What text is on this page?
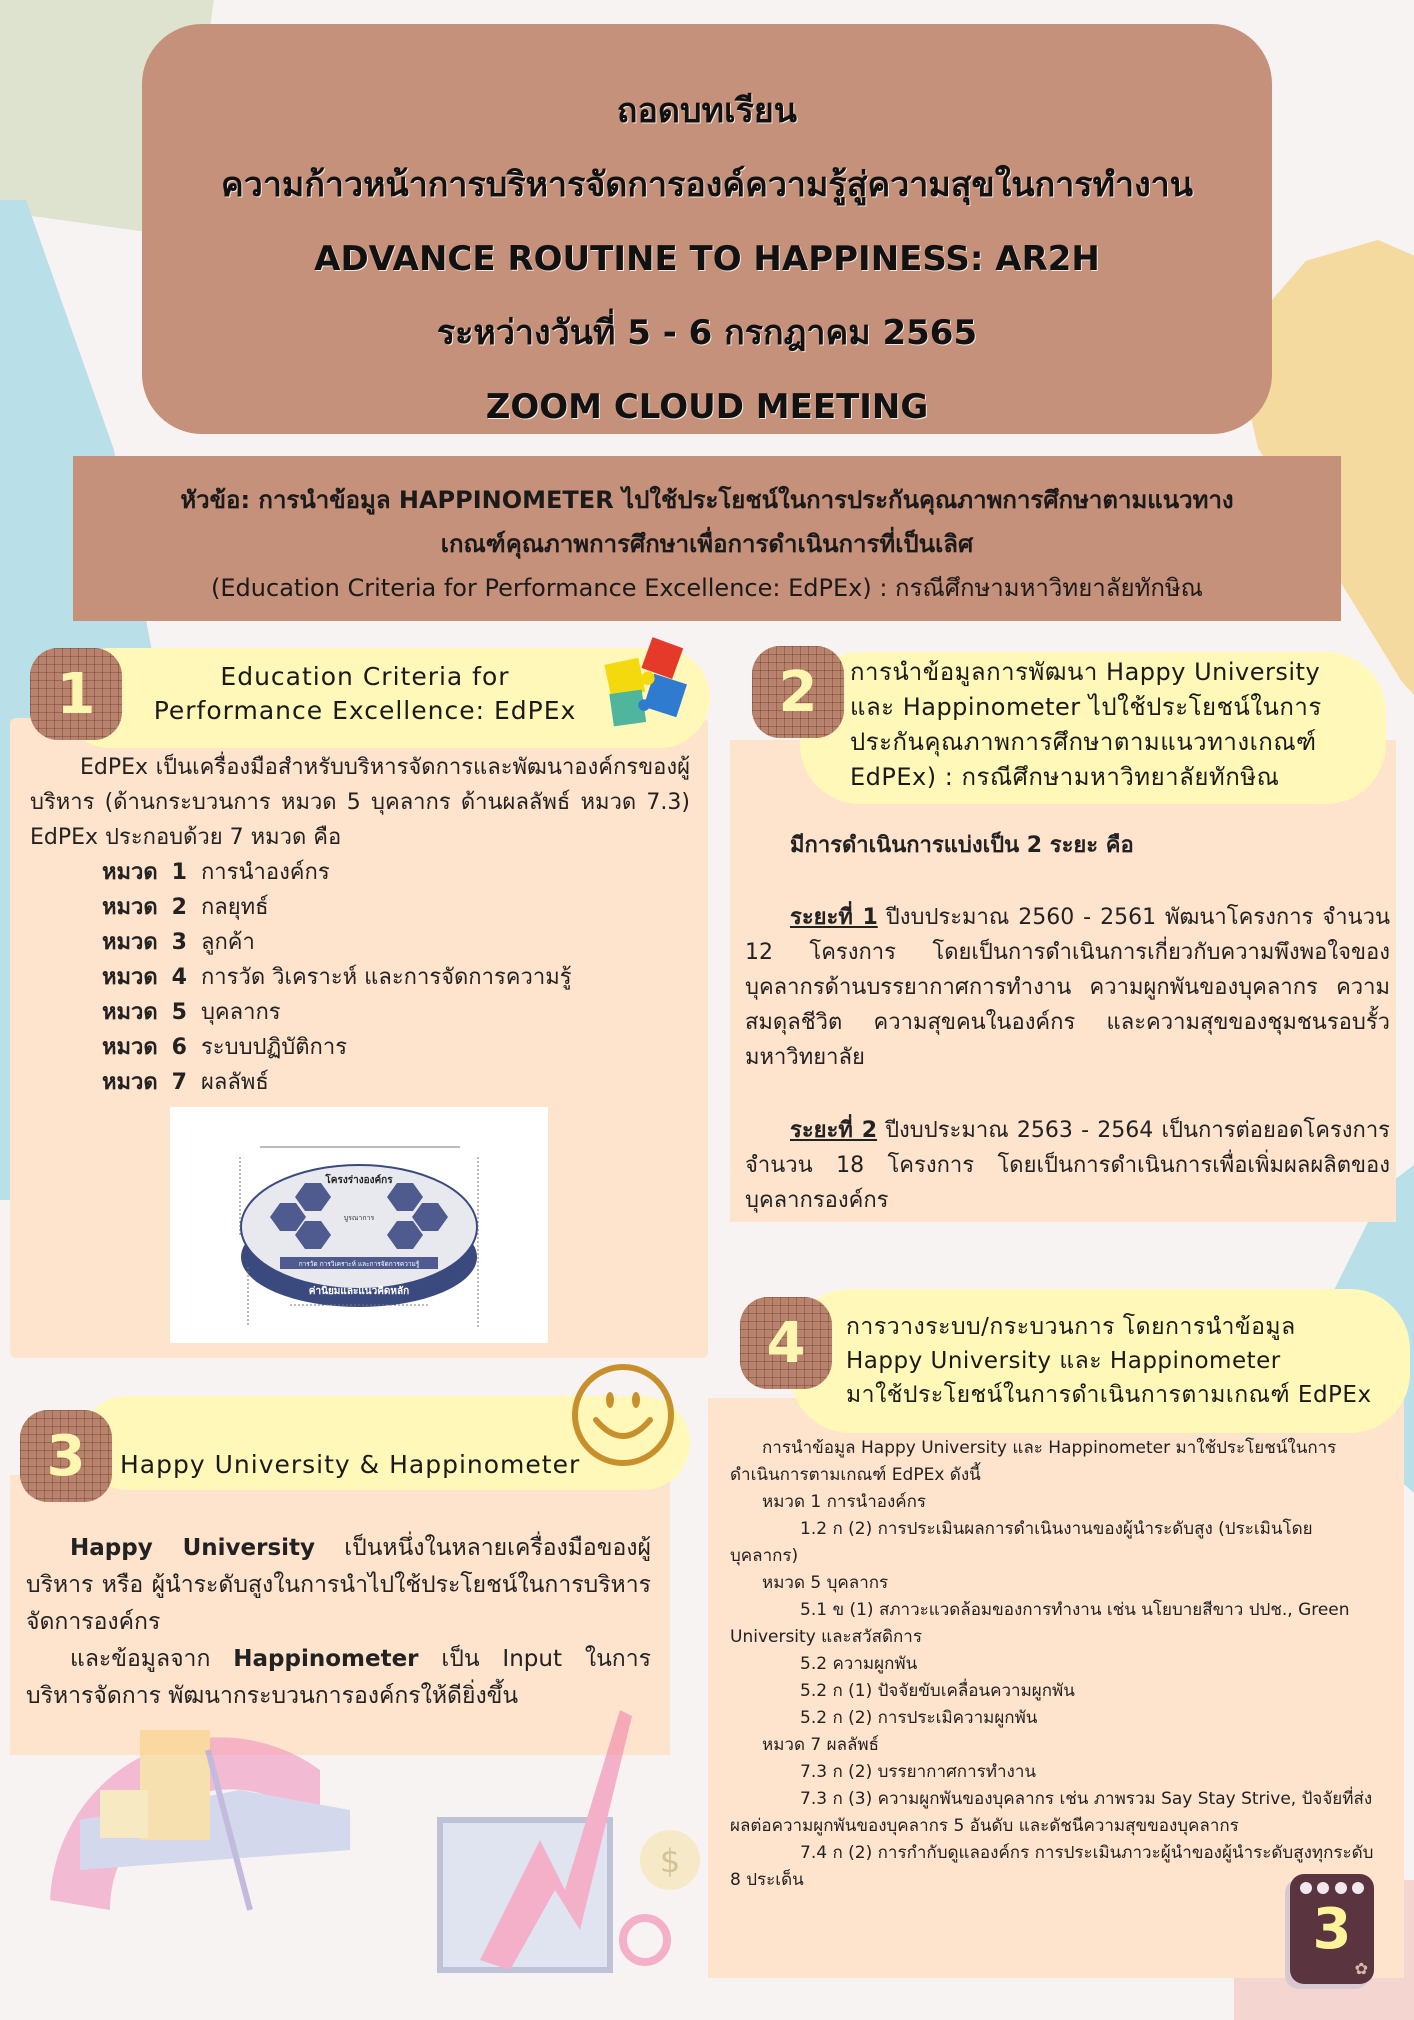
ถอดบทเรียน
ความก้าวหน้าการบริหารจัดการองค์ความรู้สู่ความสุขในการทำงาน
ADVANCE ROUTINE TO HAPPINESS: AR2H
ระหว่างวันที่ 5 - 6 กรกฎาคม 2565
ZOOM CLOUD MEETING
หัวข้อ: การนำข้อมูล HAPPINOMETER ไปใช้ประโยชน์ในการประกันคุณภาพการศึกษาตามแนวทาง
เกณฑ์คุณภาพการศึกษาเพื่อการดำเนินการที่เป็นเลิศ
(Education Criteria for Performance Excellence: EdPEx) : กรณีศึกษามหาวิทยาลัยทักษิณ
1	Education Criteria for
Performance Excellence: EdPEx
EdPEx เป็นเครื่องมือสำหรับบริหารจัดการและพัฒนาองค์กรของผู้บริหาร (ด้านกระบวนการ หมวด 5 บุคลากร ด้านผลลัพธ์ หมวด 7.3) EdPEx ประกอบด้วย 7 หมวด คือ
หมวด 1 การนำองค์กร
หมวด 2 กลยุทธ์
หมวด 3 ลูกค้า
หมวด 4 การวัด วิเคราะห์ และการจัดการความรู้
หมวด 5 บุคลากร
หมวด 6 ระบบปฏิบัติการ
หมวด 7 ผลลัพธ์
โครงร่างองค์กร
บูรณาการ
การวัด การวิเคราะห์ และการจัดการความรู้
ค่านิยมและแนวคิดหลัก
2	การนำข้อมูลการพัฒนา Happy University
และ Happinometer ไปใช้ประโยชน์ในการ
ประกันคุณภาพการศึกษาตามแนวทางเกณฑ์
EdPEx) : กรณีศึกษามหาวิทยาลัยทักษิณ
มีการดำเนินการแบ่งเป็น 2 ระยะ คือ
ระยะที่ 1 ปีงบประมาณ 2560 - 2561 พัฒนาโครงการ จำนวน 12 โครงการ โดยเป็นการดำเนินการเกี่ยวกับความพึงพอใจของบุคลากรด้านบรรยากาศการทำงาน ความผูกพันของบุคลากร ความสมดุลชีวิต ความสุขคนในองค์กร และความสุขของชุมชนรอบรั้วมหาวิทยาลัย
ระยะที่ 2 ปีงบประมาณ 2563 - 2564 เป็นการต่อยอดโครงการ จำนวน 18 โครงการ โดยเป็นการดำเนินการเพื่อเพิ่มผลผลิตของบุคลากรองค์กร
3	Happy University & Happinometer
Happy University เป็นหนึ่งในหลายเครื่องมือของผู้บริหาร หรือ ผู้นำระดับสูงในการนำไปใช้ประโยชน์ในการบริหารจัดการองค์กร
และข้อมูลจาก Happinometer เป็น Input ในการบริหารจัดการ พัฒนากระบวนการองค์กรให้ดียิ่งขึ้น
$
4	การวางระบบ/กระบวนการ โดยการนำข้อมูล
Happy University และ Happinometer
มาใช้ประโยชน์ในการดำเนินการตามเกณฑ์ EdPEx
การนำข้อมูล Happy University และ Happinometer มาใช้ประโยชน์ในการดำเนินการตามเกณฑ์ EdPEx ดังนี้
หมวด 1 การนำองค์กร
1.2 ก (2) การประเมินผลการดำเนินงานของผู้นำระดับสูง (ประเมินโดยบุคลากร)
หมวด 5 บุคลากร
5.1 ข (1) สภาวะแวดล้อมของการทำงาน เช่น นโยบายสีขาว ปปช., Green University และสวัสดิการ
5.2 ความผูกพัน
5.2 ก (1) ปัจจัยขับเคลื่อนความผูกพัน
5.2 ก (2) การประเมิความผูกพัน
หมวด 7 ผลลัพธ์
7.3 ก (2) บรรยากาศการทำงาน
7.3 ก (3) ความผูกพันของบุคลากร เช่น ภาพรวม Say Stay Strive, ปัจจัยที่ส่งผลต่อความผูกพันของบุคลากร 5 อันดับ และดัชนีความสุขของบุคลากร
7.4 ก (2) การกำกับดูแลองค์กร การประเมินภาวะผู้นำของผู้นำระดับสูงทุกระดับ 8 ประเด็น
3
✿
